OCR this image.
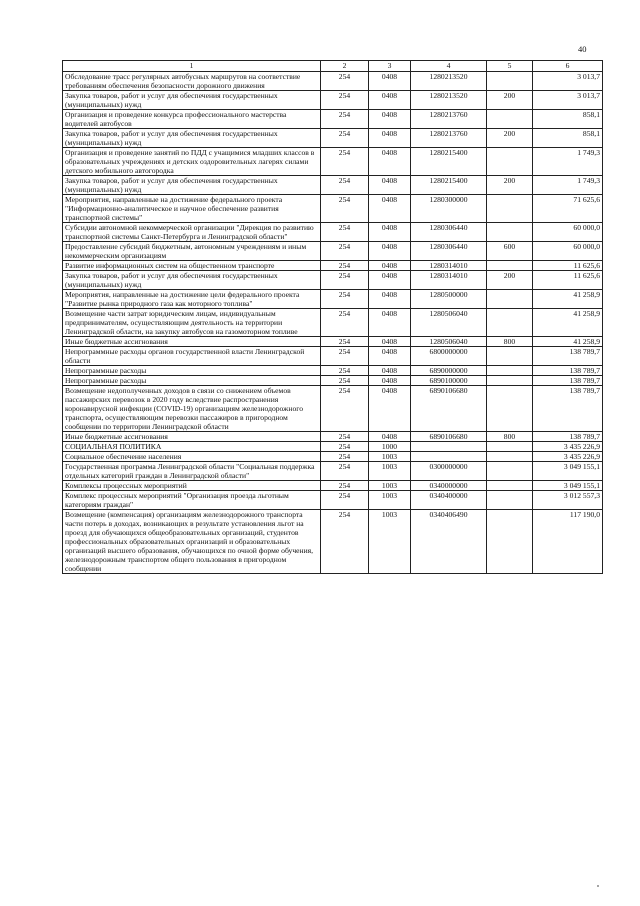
40
1	2	3	4	5	6
Обследование трасс регулярных автобусных маршрутов на соответствие требованиям обеспечения безопасности дорожного движения	254	0408	1280213520		3 013,7
Закупка товаров, работ и услуг для обеспечения государственных (муниципальных) нужд	254	0408	1280213520	200	3 013,7
Организация и проведение конкурса профессионального мастерства водителей автобусов	254	0408	1280213760		858,1
Закупка товаров, работ и услуг для обеспечения государственных (муниципальных) нужд	254	0408	1280213760	200	858,1
Организация и проведение занятий по ПДД с учащимися младших классов в образовательных учреждениях и детских оздоровительных лагерях силами детского мобильного автогородка	254	0408	1280215400		1 749,3
Закупка товаров, работ и услуг для обеспечения государственных (муниципальных) нужд	254	0408	1280215400	200	1 749,3
Мероприятия, направленные на достижение федерального проекта "Информационно-аналитическое и научное обеспечение развития транспортной системы"	254	0408	1280300000		71 625,6
Субсидии автономной некоммерческой организации "Дирекция по развитию транспортной системы Санкт-Петербурга и Ленинградской области"	254	0408	1280306440		60 000,0
Предоставление субсидий бюджетным, автономным учреждениям и иным некоммерческим организациям	254	0408	1280306440	600	60 000,0
Развитие информационных систем на общественном транспорте	254	0408	1280314010		11 625,6
Закупка товаров, работ и услуг для обеспечения государственных (муниципальных) нужд	254	0408	1280314010	200	11 625,6
Мероприятия, направленные на достижение цели федерального проекта "Развитие рынка природного газа как моторного топлива"	254	0408	1280500000		41 258,9
Возмещение части затрат юридическим лицам, индивидуальным предпринимателям, осуществляющим деятельность на территории Ленинградской области, на закупку автобусов на газомоторном топливе	254	0408	1280506040		41 258,9
Иные бюджетные ассигнования	254	0408	1280506040	800	41 258,9
Непрограммные расходы органов государственной власти Ленинградской области	254	0408	6800000000		138 789,7
Непрограммные расходы	254	0408	6890000000		138 789,7
Непрограммные расходы	254	0408	6890100000		138 789,7
Возмещение недополученных доходов в связи со снижением объемов пассажирских перевозок в 2020 году вследствие распространения коронавирусной инфекции (COVID-19) организациям железнодорожного транспорта, осуществляющим перевозки пассажиров в пригородном сообщении по территории Ленинградской области	254	0408	6890106680		138 789,7
Иные бюджетные ассигнования	254	0408	6890106680	800	138 789,7
СОЦИАЛЬНАЯ ПОЛИТИКА	254	1000			3 435 226,9
Социальное обеспечение населения	254	1003			3 435 226,9
Государственная программа Ленинградской области "Социальная поддержка отдельных категорий граждан в Ленинградской области"	254	1003	0300000000		3 049 155,1
Комплексы процессных мероприятий	254	1003	0340000000		3 049 155,1
Комплекс процессных мероприятий "Организация проезда льготным категориям граждан"	254	1003	0340400000		3 012 557,3
Возмещение (компенсация) организациям железнодорожного транспорта части потерь в доходах, возникающих в результате установления льгот на проезд для обучающихся общеобразовательных организаций, студентов профессиональных образовательных организаций и образовательных организаций высшего образования, обучающихся по очной форме обучения, железнодорожным транспортом общего пользования в пригородном сообщении	254	1003	0340406490		117 190,0
